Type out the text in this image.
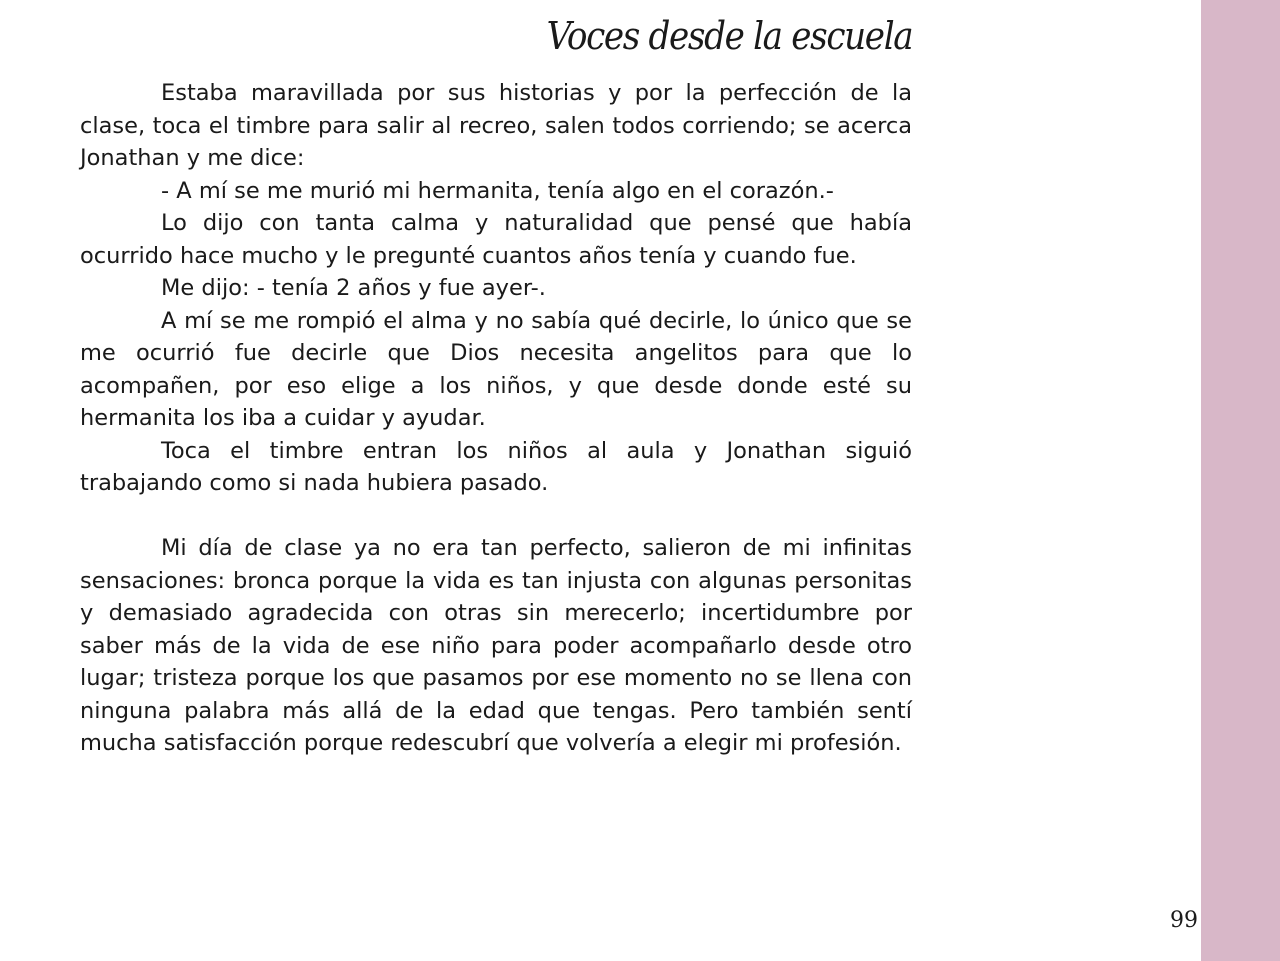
Voces desde la escuela

Estaba maravillada por sus historias y por la perfección de la clase, toca el timbre para salir al recreo, salen todos corriendo; se acerca Jonathan y me dice:

- A mí se me murió mi hermanita, tenía algo en el corazón.-

Lo dijo con tanta calma y naturalidad que pensé que había ocurrido hace mucho y le pregunté cuantos años tenía y cuando fue.

Me dijo: - tenía 2 años y fue ayer-.

A mí se me rompió el alma y no sabía qué decirle, lo único que se me ocurrió fue decirle que Dios necesita angelitos para que lo acompañen, por eso elige a los niños, y que desde donde esté su hermanita los iba a cuidar y ayudar.

Toca el timbre entran los niños al aula y Jonathan siguió trabajando como si nada hubiera pasado.

Mi día de clase ya no era tan perfecto, salieron de mi infinitas sensaciones: bronca porque la vida es tan injusta con algunas personitas y demasiado agradecida con otras sin merecerlo; incertidumbre por saber más de la vida de ese niño para poder acompañarlo desde otro lugar; tristeza porque los que pasamos por ese momento no se llena con ninguna palabra más allá de la edad que tengas. Pero también sentí mucha satisfacción porque redescubrí que volvería a elegir mi profesión.

99
